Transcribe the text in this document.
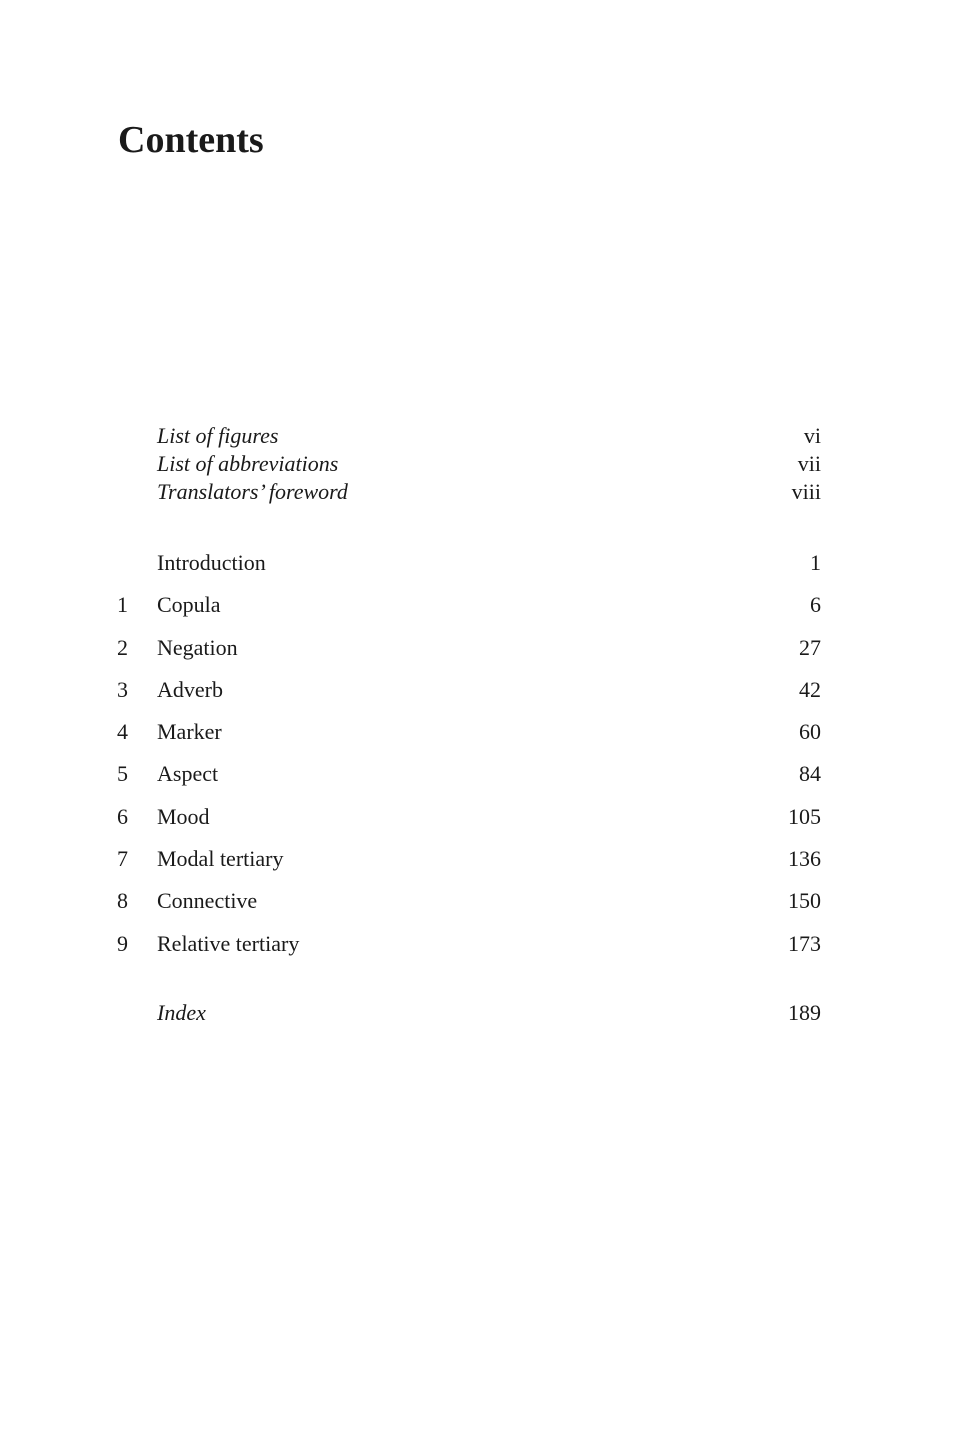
Contents
List of figures	vi
List of abbreviations	vii
Translators’ foreword	viii
Introduction	1
1 Copula	6
2 Negation	27
3 Adverb	42
4 Marker	60
5 Aspect	84
6 Mood	105
7 Modal tertiary	136
8 Connective	150
9 Relative tertiary	173
Index	189
